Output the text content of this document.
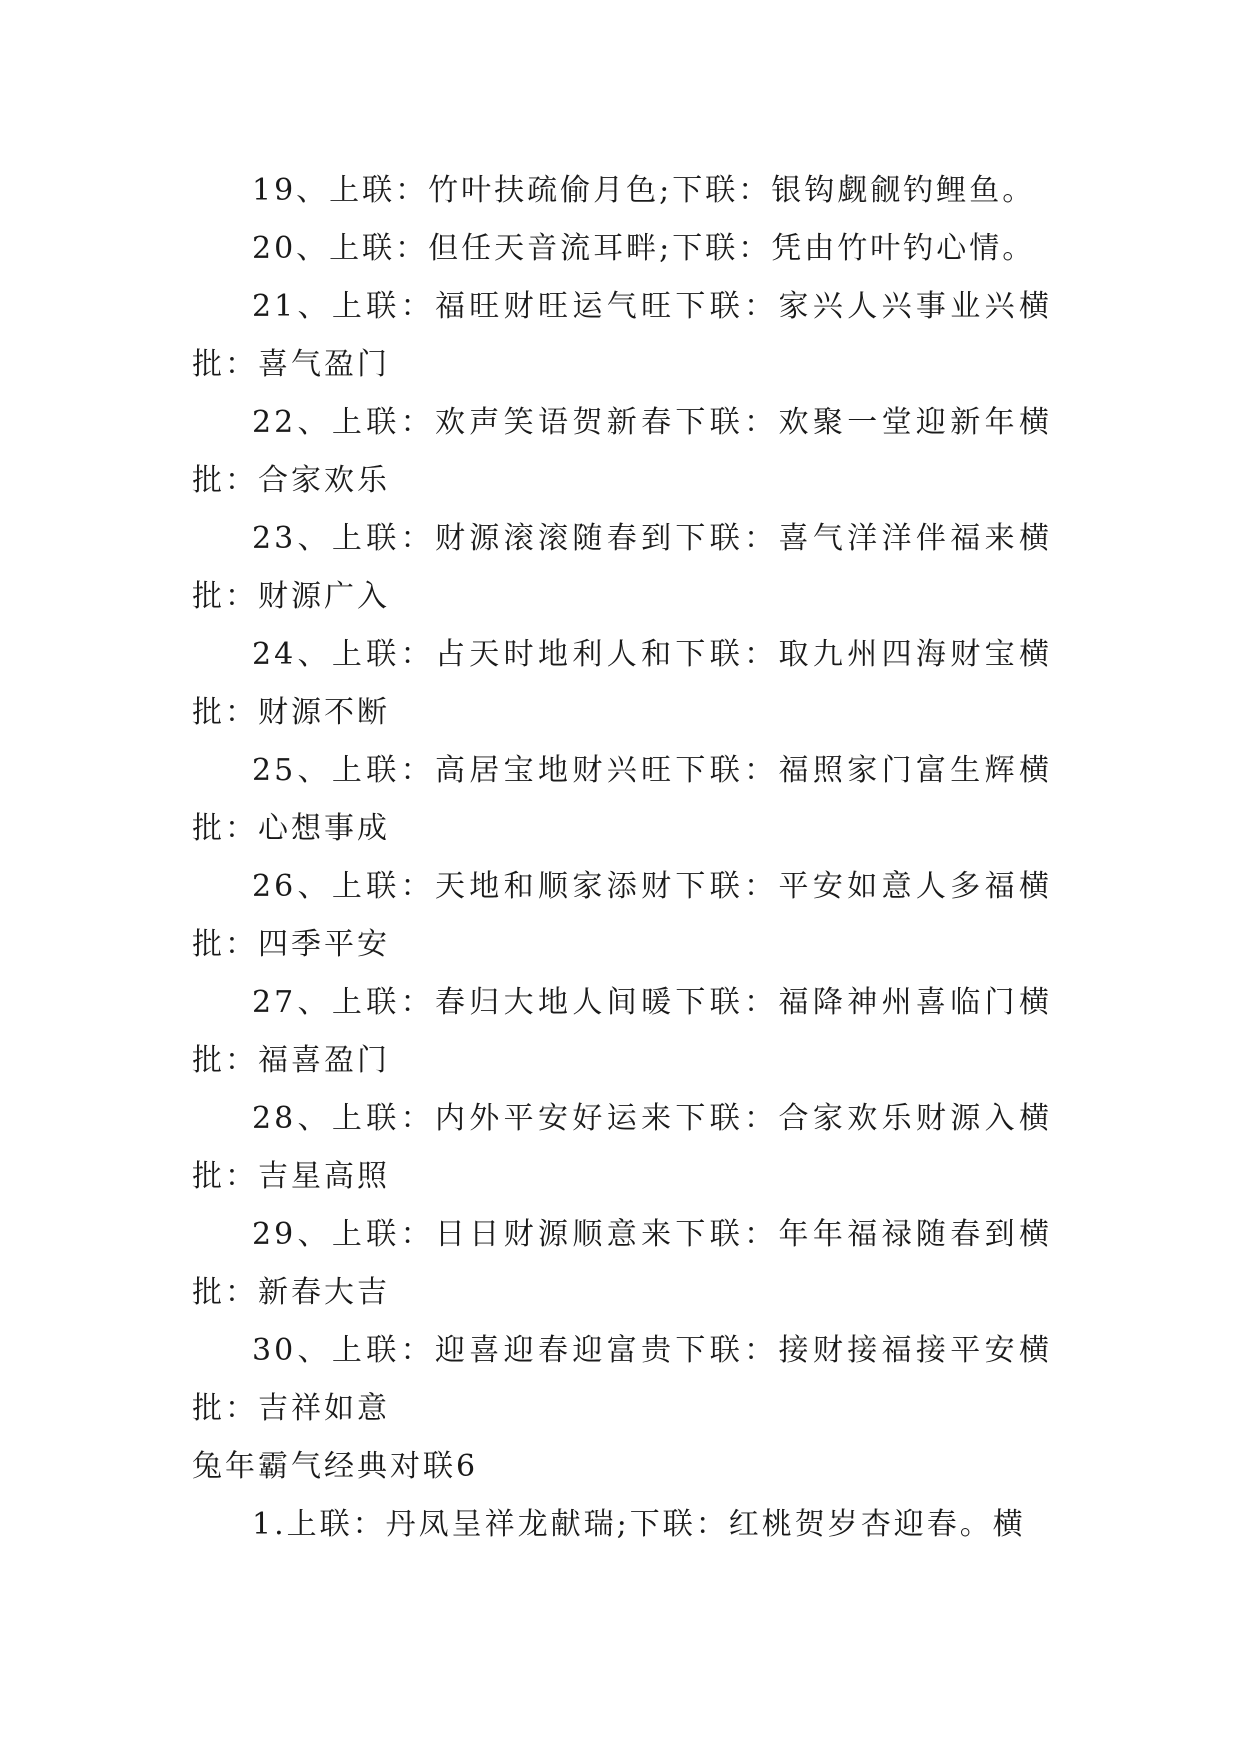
19、上联：竹叶扶疏偷月色;下联：银钩觑觎钓鲤鱼。

20、上联：但任天音流耳畔;下联：凭由竹叶钓心情。

21、上联：福旺财旺运气旺下联：家兴人兴事业兴横批：喜气盈门

22、上联：欢声笑语贺新春下联：欢聚一堂迎新年横批：合家欢乐

23、上联：财源滚滚随春到下联：喜气洋洋伴福来横批：财源广入

24、上联：占天时地利人和下联：取九州四海财宝横批：财源不断

25、上联：高居宝地财兴旺下联：福照家门富生辉横批：心想事成

26、上联：天地和顺家添财下联：平安如意人多福横批：四季平安

27、上联：春归大地人间暖下联：福降神州喜临门横批：福喜盈门

28、上联：内外平安好运来下联：合家欢乐财源入横批：吉星高照

29、上联：日日财源顺意来下联：年年福禄随春到横批：新春大吉

30、上联：迎喜迎春迎富贵下联：接财接福接平安横批：吉祥如意

兔年霸气经典对联6

1.上联：丹凤呈祥龙献瑞;下联：红桃贺岁杏迎春。横
